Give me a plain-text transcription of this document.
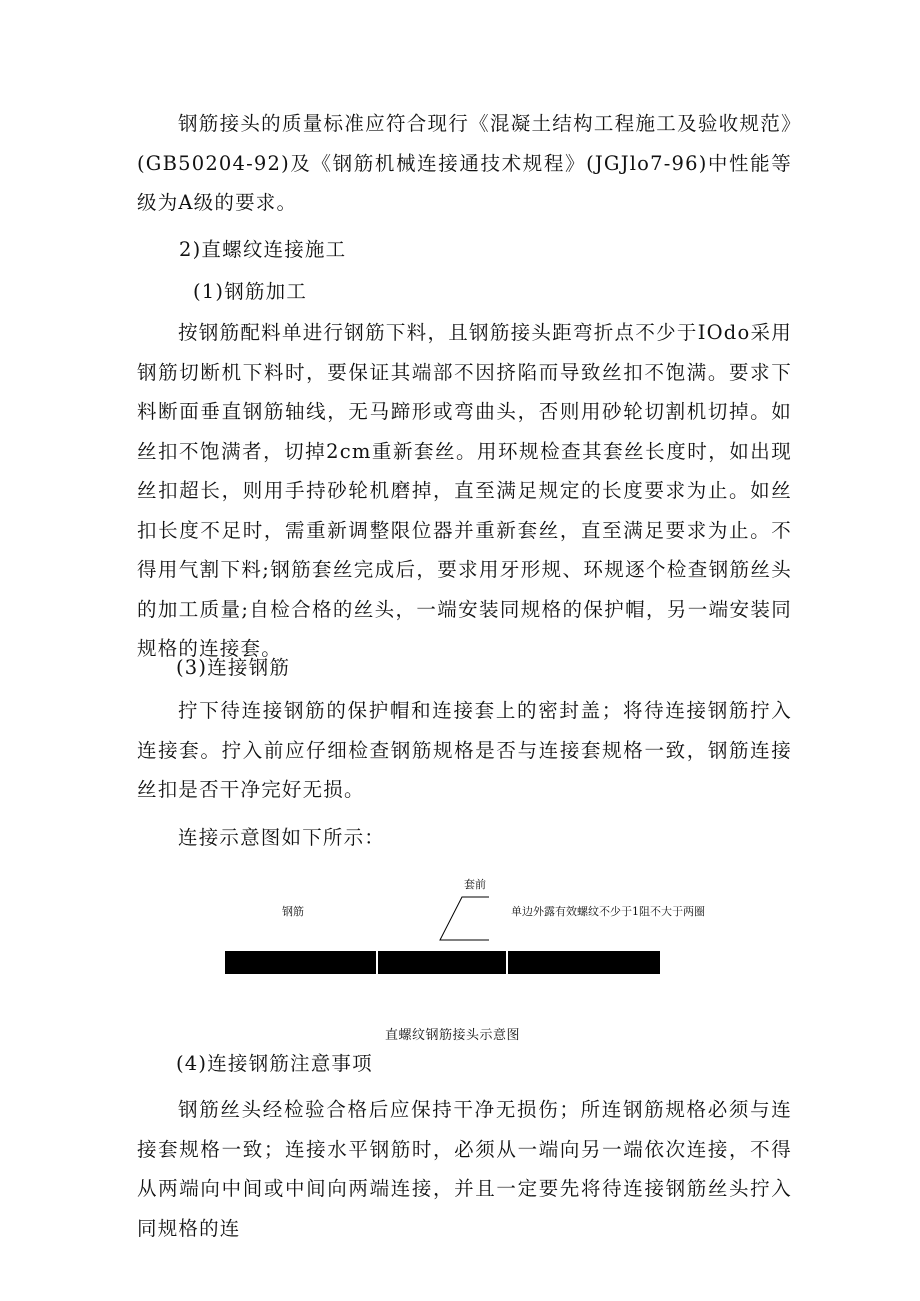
钢筋接头的质量标准应符合现行《混凝土结构工程施工及验收规范》(GB50204-92)及《钢筋机械连接通技术规程》(JGJlo7-96)中性能等级为A级的要求。

2)直螺纹连接施工

(1)钢筋加工

按钢筋配料单进行钢筋下料，且钢筋接头距弯折点不少于IOdo采用钢筋切断机下料时，要保证其端部不因挤陷而导致丝扣不饱满。要求下料断面垂直钢筋轴线，无马蹄形或弯曲头，否则用砂轮切割机切掉。如丝扣不饱满者，切掉2cm重新套丝。用环规检查其套丝长度时，如出现丝扣超长，则用手持砂轮机磨掉，直至满足规定的长度要求为止。如丝扣长度不足时，需重新调整限位器并重新套丝，直至满足要求为止。不得用气割下料;钢筋套丝完成后，要求用牙形规、环规逐个检查钢筋丝头的加工质量;自检合格的丝头，一端安装同规格的保护帽，另一端安装同规格的连接套。

(3)连接钢筋

拧下待连接钢筋的保护帽和连接套上的密封盖；将待连接钢筋拧入连接套。拧入前应仔细检查钢筋规格是否与连接套规格一致，钢筋连接丝扣是否干净完好无损。

连接示意图如下所示：

套前
钢筋	单边外露有效螺纹不少于1阻不大于两圈
直螺纹钢筋接头示意图

(4)连接钢筋注意事项

钢筋丝头经检验合格后应保持干净无损伤；所连钢筋规格必须与连接套规格一致；连接水平钢筋时，必须从一端向另一端依次连接，不得从两端向中间或中间向两端连接，并且一定要先将待连接钢筋丝头拧入同规格的连
